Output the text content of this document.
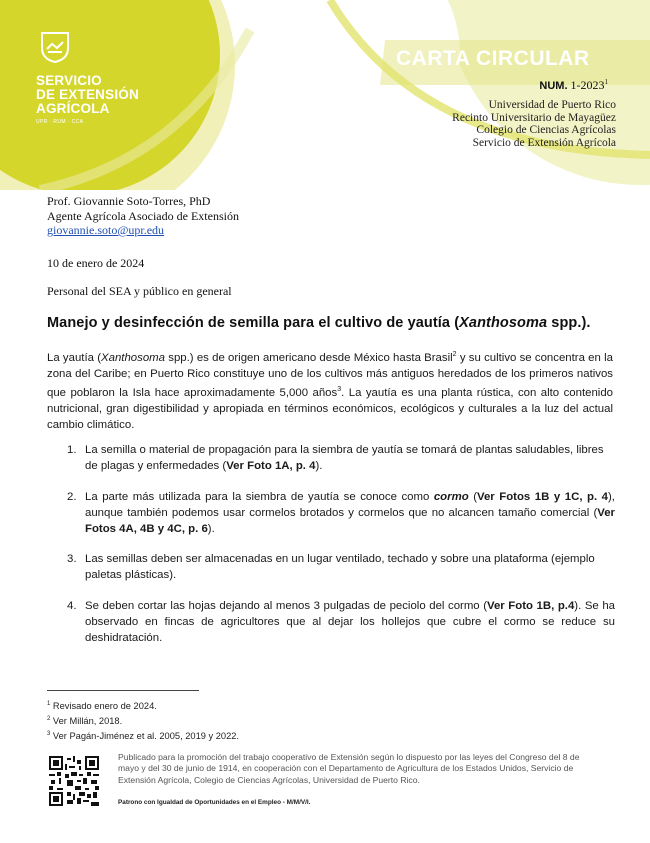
SERVICIO
DE EXTENSIÓN
AGRÍCOLA
UPR · RUM · CCA
CARTA CIRCULAR
NUM. 1-2023$^1$
Universidad de Puerto Rico
Recinto Universitario de Mayagüez
Colegio de Ciencias Agrícolas
Servicio de Extensión Agrícola
Prof. Giovannie Soto-Torres, PhD
Agente Agrícola Asociado de Extensión
giovannie.soto@upr.edu
10 de enero de 2024
Personal del SEA y público en general
Manejo y desinfección de semilla para el cultivo de yautía (Xanthosoma spp.).
La yautía (Xanthosoma spp.) es de origen americano desde México hasta Brasil$^2$ y su cultivo se concentra en la zona del Caribe; en Puerto Rico constituye uno de los cultivos más antiguos heredados de los primeros nativos que poblaron la Isla hace aproximadamente 5,000 años$^3$. La yautía es una planta rústica, con alto contenido nutricional, gran digestibilidad y apropiada en términos económicos, ecológicos y culturales a la luz del actual cambio climático.
1. La semilla o material de propagación para la siembra de yautía se tomará de plantas saludables, libres de plagas y enfermedades (Ver Foto 1A, p. 4).
2. La parte más utilizada para la siembra de yautía se conoce como cormo (Ver Fotos 1B y 1C, p. 4), aunque también podemos usar cormelos brotados y cormelos que no alcancen tamaño comercial (Ver Fotos 4A, 4B y 4C, p. 6).
3. Las semillas deben ser almacenadas en un lugar ventilado, techado y sobre una plataforma (ejemplo paletas plásticas).
4. Se deben cortar las hojas dejando al menos 3 pulgadas de peciolo del cormo (Ver Foto 1B, p.4). Se ha observado en fincas de agricultores que al dejar los hollejos que cubre el cormo se reduce su deshidratación.
$^1$ Revisado enero de 2024.
$^2$ Ver Millán, 2018.
$^3$ Ver Pagán-Jiménez et al. 2005, 2019 y 2022.
Publicado para la promoción del trabajo cooperativo de Extensión según lo dispuesto por las leyes del Congreso del 8 de mayo y del 30 de junio de 1914, en cooperación con el Departamento de Agricultura de los Estados Unidos, Servicio de Extensión Agrícola, Colegio de Ciencias Agrícolas, Universidad de Puerto Rico.
Patrono con Igualdad de Oportunidades en el Empleo - M/M/V/I.
